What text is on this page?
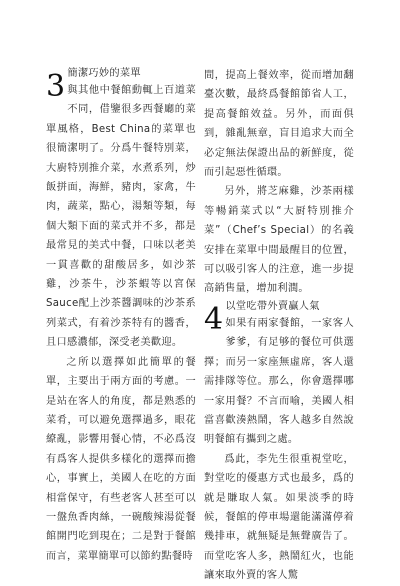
3 簡潔巧妙的菜單

與其他中餐館動輒上百道菜不同，借鑒很多西餐廳的菜單風格，Best China的菜單也很簡潔明了。分爲牛餐特別菜，大廚特別推介菜，水煮系列，炒飯拼面，海鮮，豬肉，家禽，牛肉，蔬菜，點心，湯類等類，每個大類下面的菜式并不多，都是最常見的美式中餐，口味以老美一貫喜歡的甜酸居多，如沙茶雞，沙茶牛，沙茶蝦等以宮保Sauce配上沙茶醬調味的沙茶系列菜式，有着沙茶特有的醬香，且口感濃郁，深受老美歡迎。

之所以選擇如此簡單的餐單，主要出于兩方面的考慮。一是站在客人的角度，都是熟悉的菜肴，可以避免選擇過多，眼花繚亂，影響用餐心情，不必爲沒有爲客人提供多樣化的選擇而擔心，事實上，美國人在吃的方面相當保守，有些老客人甚至可以一盤魚香肉絲，一碗酸辣湯從餐館開門吃到現在；二是對于餐館而言，菜單簡單可以節約點餐時

間，提高上餐效率，從而增加翻臺次數，最終爲餐館節省人工，提高餐館效益。另外，而面俱到，雜亂無章，盲目追求大而全必定無法保證出品的新鮮度，從而引起惡性循環。

另外，將芝麻雞，沙茶兩樣等暢銷菜式以“大厨特別推介菜”（Chef’s Special）的名義安排在菜單中間最醒目的位置，可以吸引客人的注意，進一步提高銷售量，增加利潤。

4 以堂吃帶外賣贏人氣

如果有兩家餐館，一家客人爹爹，有足够的餐位可供選擇；而另一家座無虛席，客人還需排隊等位。那么，你會選擇哪一家用餐？不言而喻，美國人相當喜歡湊熱鬧，客人越多自然說明餐館有攜到之處。

爲此，李先生很重視堂吃，對堂吃的優惠方式也最多，爲的就是賺取人氣。如果淡季的時候，餐館的停車場還能滿滿停着幾排車，就無疑是無聲廣告了。而堂吃客人多，熱鬧紅火，也能讓來取外賣的客人驚
